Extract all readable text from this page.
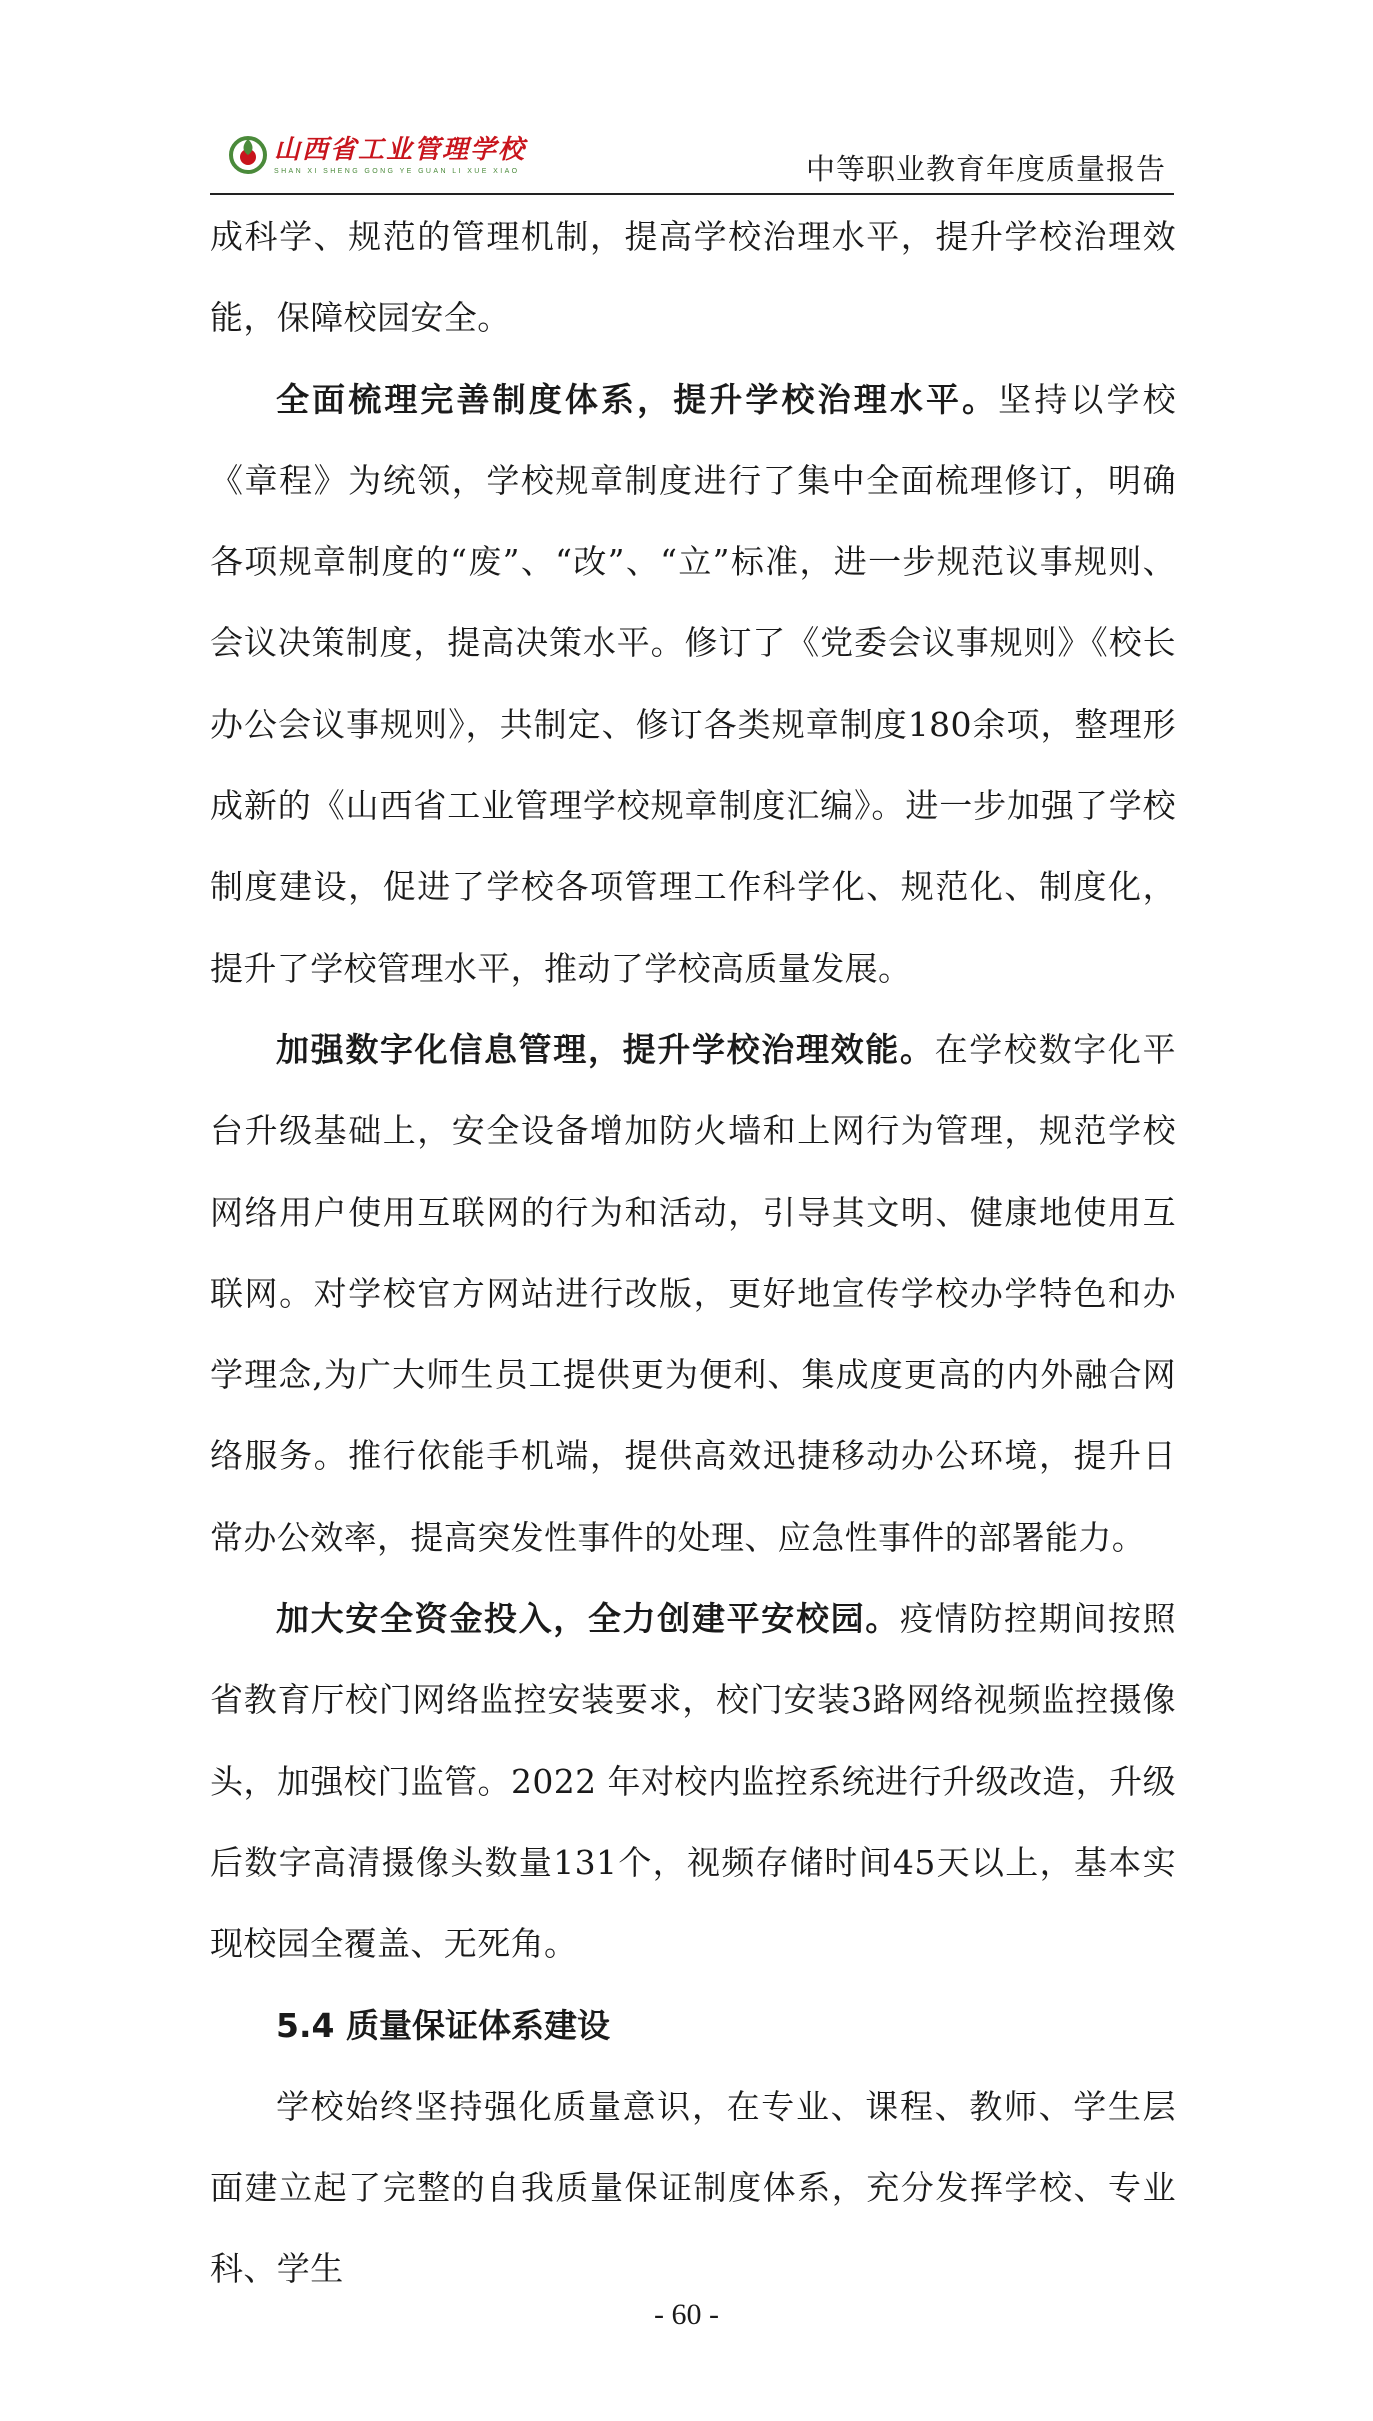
山西省工业管理学校
SHAN XI SHENG GONG YE GUAN LI XUE XIAO	中等职业教育年度质量报告

成科学、规范的管理机制，提高学校治理水平，提升学校治理效能，保障校园安全。

全面梳理完善制度体系，提升学校治理水平。坚持以学校《章程》为统领，学校规章制度进行了集中全面梳理修订，明确各项规章制度的“废”、“改”、“立”标准，进一步规范议事规则、会议决策制度，提高决策水平。修订了《党委会议事规则》《校长办公会议事规则》，共制定、修订各类规章制度180余项，整理形成新的《山西省工业管理学校规章制度汇编》。进一步加强了学校制度建设，促进了学校各项管理工作科学化、规范化、制度化，提升了学校管理水平，推动了学校高质量发展。

加强数字化信息管理，提升学校治理效能。在学校数字化平台升级基础上，安全设备增加防火墙和上网行为管理，规范学校网络用户使用互联网的行为和活动，引导其文明、健康地使用互联网。对学校官方网站进行改版，更好地宣传学校办学特色和办学理念,为广大师生员工提供更为便利、集成度更高的内外融合网络服务。推行依能手机端，提供高效迅捷移动办公环境，提升日常办公效率，提高突发性事件的处理、应急性事件的部署能力。

加大安全资金投入，全力创建平安校园。疫情防控期间按照省教育厅校门网络监控安装要求，校门安装3路网络视频监控摄像头，加强校门监管。2022 年对校内监控系统进行升级改造，升级后数字高清摄像头数量131个，视频存储时间45天以上，基本实现校园全覆盖、无死角。

5.4 质量保证体系建设

学校始终坚持强化质量意识，在专业、课程、教师、学生层面建立起了完整的自我质量保证制度体系，充分发挥学校、专业科、学生

- 60 -
